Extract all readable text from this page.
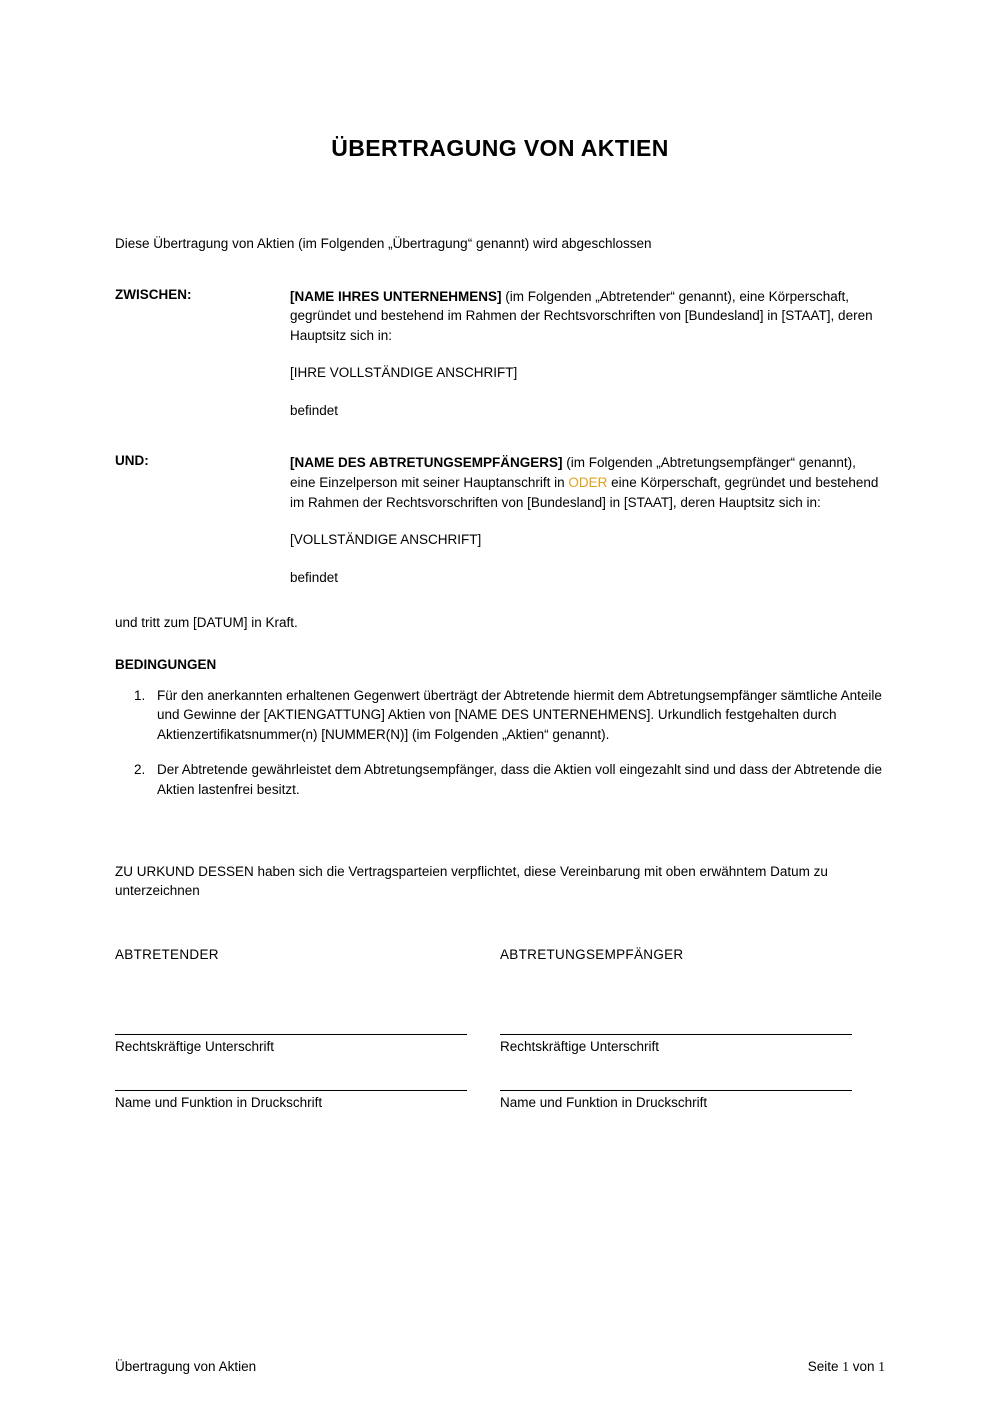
ÜBERTRAGUNG VON AKTIEN

Diese Übertragung von Aktien (im Folgenden „Übertragung“ genannt) wird abgeschlossen

ZWISCHEN:	[NAME IHRES UNTERNEHMENS] (im Folgenden „Abtretender“ genannt), eine Körperschaft, gegründet und bestehend im Rahmen der Rechtsvorschriften von [Bundesland] in [STAAT], deren Hauptsitz sich in:

[IHRE VOLLSTÄNDIGE ANSCHRIFT]

befindet

UND:	[NAME DES ABTRETUNGSEMPFÄNGERS] (im Folgenden „Abtretungsempfänger“ genannt), eine Einzelperson mit seiner Hauptanschrift in ODER eine Körperschaft, gegründet und bestehend im Rahmen der Rechtsvorschriften von [Bundesland] in [STAAT], deren Hauptsitz sich in:

[VOLLSTÄNDIGE ANSCHRIFT]

befindet

und tritt zum [DATUM] in Kraft.

BEDINGUNGEN
1. Für den anerkannten erhaltenen Gegenwert überträgt der Abtretende hiermit dem Abtretungsempfänger sämtliche Anteile und Gewinne der [AKTIENGATTUNG] Aktien von [NAME DES UNTERNEHMENS]. Urkundlich festgehalten durch Aktienzertifikatsnummer(n) [NUMMER(N)] (im Folgenden „Aktien“ genannt).
2. Der Abtretende gewährleistet dem Abtretungsempfänger, dass die Aktien voll eingezahlt sind und dass der Abtretende die Aktien lastenfrei besitzt.

ZU URKUND DESSEN haben sich die Vertragsparteien verpflichtet, diese Vereinbarung mit oben erwähntem Datum zu unterzeichnen

ABTRETENDER
Rechtskräftige Unterschrift
Name und Funktion in Druckschrift
ABTRETUNGSEMPFÄNGER
Rechtskräftige Unterschrift
Name und Funktion in Druckschrift
Übertragung von Aktien	Seite 1 von 1
